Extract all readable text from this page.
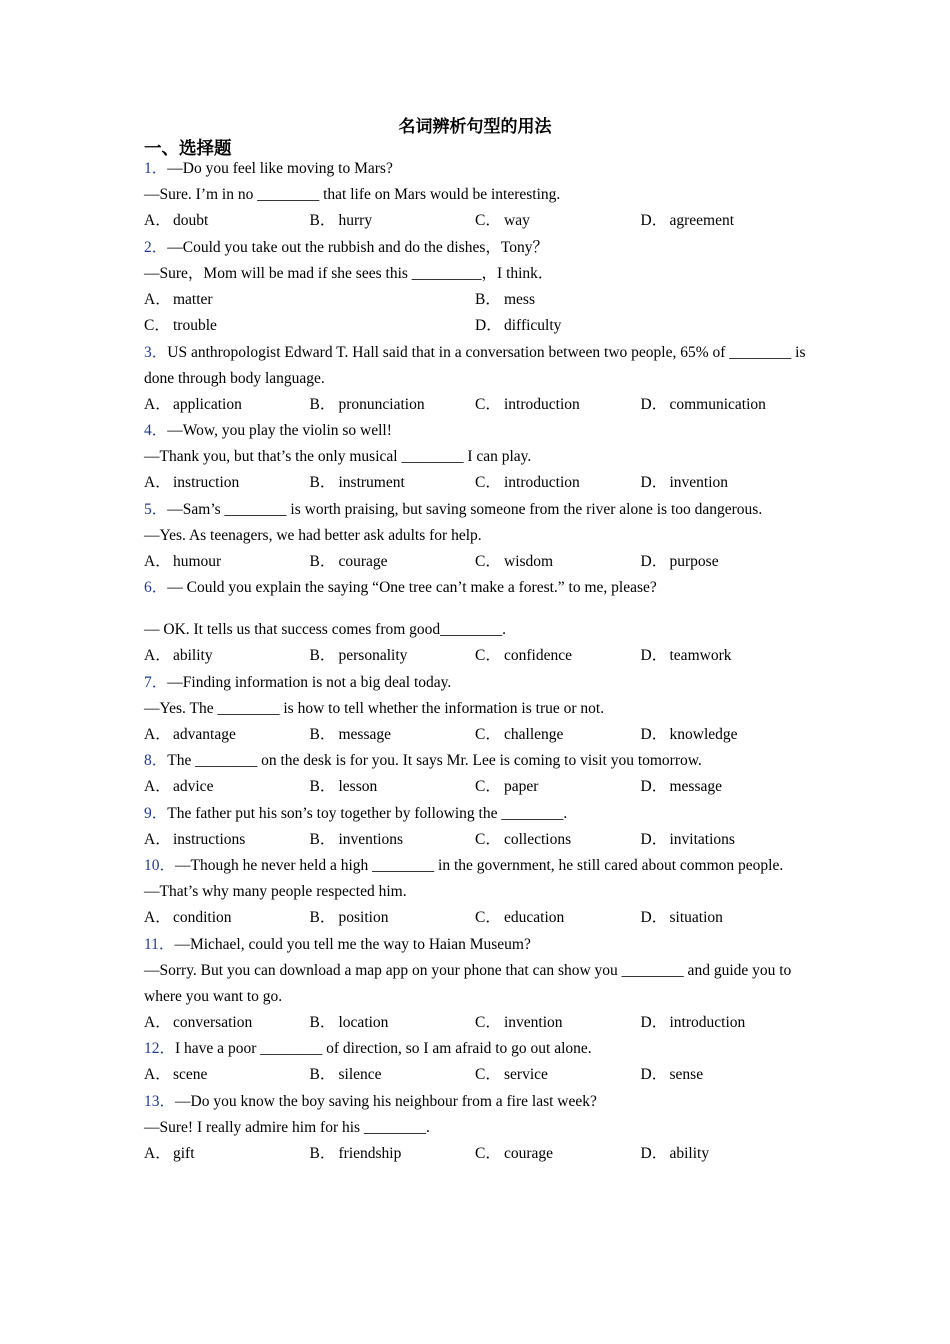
名词辨析句型的用法
一、选择题
1．—Do you feel like moving to Mars?
—Sure. I’m in no ________ that life on Mars would be interesting.
A． doubt	B． hurry	C． way	D． agreement
2．—Could you take out the rubbish and do the dishes，Tony？
—Sure，Mom will be mad if she sees this _________，I think．
A． matter	B． mess
C． trouble	D． difficulty
3．US anthropologist Edward T. Hall said that in a conversation between two people, 65% of ________ is done through body language.
A． application	B． pronunciation	C． introduction	D． communication
4．—Wow, you play the violin so well!
—Thank you, but that’s the only musical ________ I can play.
A． instruction	B． instrument	C． introduction	D． invention
5．—Sam’s ________ is worth praising, but saving someone from the river alone is too dangerous.
—Yes. As teenagers, we had better ask adults for help.
A． humour	B． courage	C． wisdom	D． purpose
6．— Could you explain the saying “One tree can’t make a forest.” to me, please?
— OK. It tells us that success comes from good________.
A． ability	B． personality	C． confidence	D． teamwork
7．—Finding information is not a big deal today.
—Yes. The ________ is how to tell whether the information is true or not.
A． advantage	B． message	C． challenge	D． knowledge
8．The ________ on the desk is for you. It says Mr. Lee is coming to visit you tomorrow.
A． advice	B． lesson	C． paper	D． message
9．The father put his son’s toy together by following the ________.
A． instructions	B． inventions	C． collections	D． invitations
10．—Though he never held a high ________ in the government, he still cared about common people.
—That’s why many people respected him.
A． condition	B． position	C． education	D． situation
11．—Michael, could you tell me the way to Haian Museum?
—Sorry. But you can download a map app on your phone that can show you ________ and guide you to where you want to go.
A． conversation	B． location	C． invention	D． introduction
12．I have a poor ________ of direction, so I am afraid to go out alone.
A． scene	B． silence	C． service	D． sense
13．—Do you know the boy saving his neighbour from a fire last week?
—Sure! I really admire him for his ________.
A． gift	B． friendship	C． courage	D． ability
